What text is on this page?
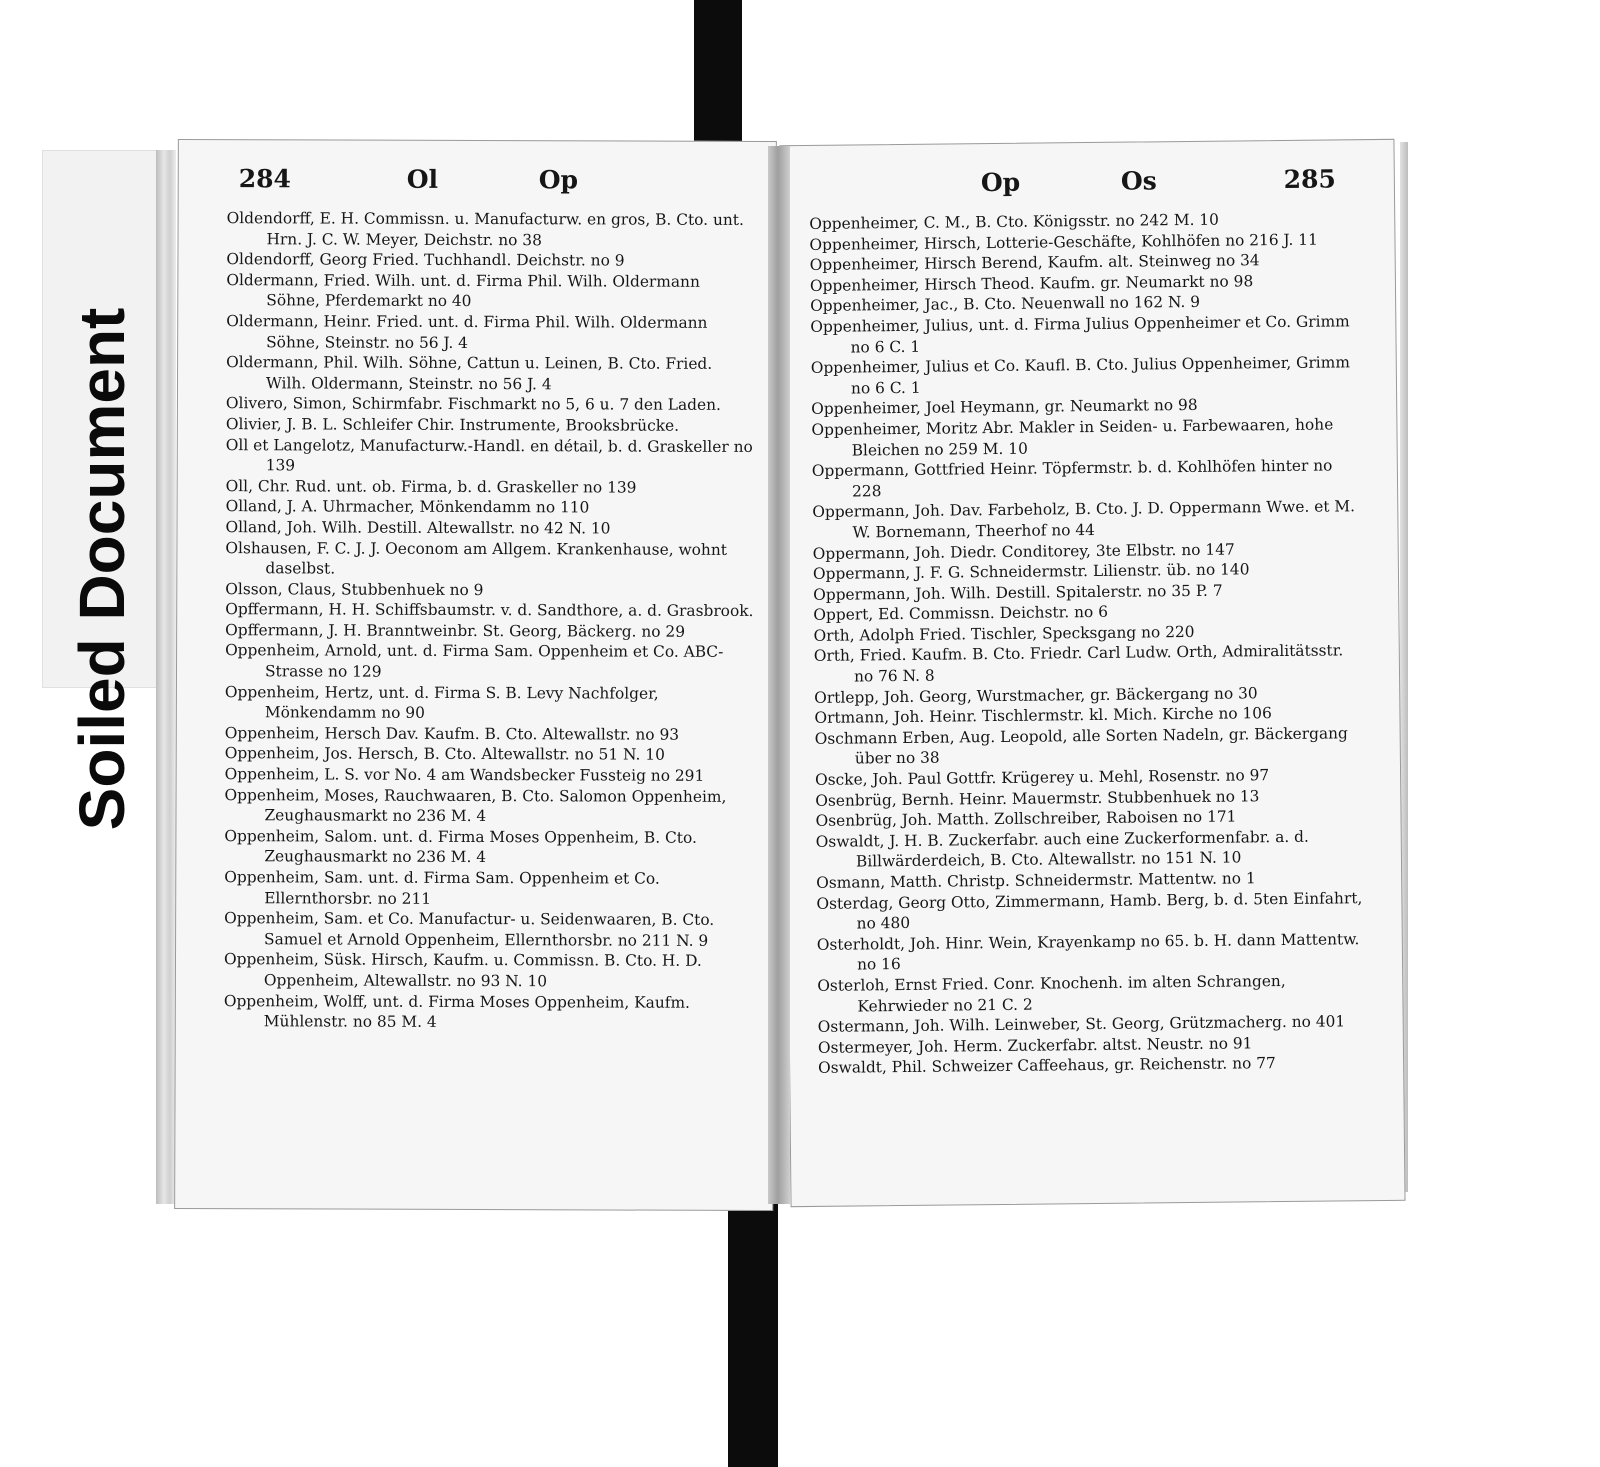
Soiled Document
284	Ol	Op
Oldendorff, E. H. Commissn. u. Manufacturw. en gros, B. Cto. unt. Hrn. J. C. W. Meyer, Deichstr. no 38
Oldendorff, Georg Fried. Tuchhandl. Deichstr. no 9
Oldermann, Fried. Wilh. unt. d. Firma Phil. Wilh. Oldermann Söhne, Pferdemarkt no 40
Oldermann, Heinr. Fried. unt. d. Firma Phil. Wilh. Oldermann Söhne, Steinstr. no 56 J. 4
Oldermann, Phil. Wilh. Söhne, Cattun u. Leinen, B. Cto. Fried. Wilh. Oldermann, Steinstr. no 56 J. 4
Olivero, Simon, Schirmfabr. Fischmarkt no 5, 6 u. 7 den Laden.
Olivier, J. B. L. Schleifer Chir. Instrumente, Brooksbrücke.
Oll et Langelotz, Manufacturw.-Handl. en détail, b. d. Graskeller no 139
Oll, Chr. Rud. unt. ob. Firma, b. d. Graskeller no 139
Olland, J. A. Uhrmacher, Mönkendamm no 110
Olland, Joh. Wilh. Destill. Altewallstr. no 42 N. 10
Olshausen, F. C. J. J. Oeconom am Allgem. Krankenhause, wohnt daselbst.
Olsson, Claus, Stubbenhuek no 9
Opffermann, H. H. Schiffsbaumstr. v. d. Sandthore, a. d. Grasbrook.
Opffermann, J. H. Branntweinbr. St. Georg, Bäckerg. no 29
Oppenheim, Arnold, unt. d. Firma Sam. Oppenheim et Co. ABC-Strasse no 129
Oppenheim, Hertz, unt. d. Firma S. B. Levy Nachfolger, Mönkendamm no 90
Oppenheim, Hersch Dav. Kaufm. B. Cto. Altewallstr. no 93
Oppenheim, Jos. Hersch, B. Cto. Altewallstr. no 51 N. 10
Oppenheim, L. S. vor No. 4 am Wandsbecker Fussteig no 291
Oppenheim, Moses, Rauchwaaren, B. Cto. Salomon Oppenheim, Zeughausmarkt no 236 M. 4
Oppenheim, Salom. unt. d. Firma Moses Oppenheim, B. Cto. Zeughausmarkt no 236 M. 4
Oppenheim, Sam. unt. d. Firma Sam. Oppenheim et Co. Ellernthorsbr. no 211
Oppenheim, Sam. et Co. Manufactur- u. Seidenwaaren, B. Cto. Samuel et Arnold Oppenheim, Ellernthorsbr. no 211 N. 9
Oppenheim, Süsk. Hirsch, Kaufm. u. Commissn. B. Cto. H. D. Oppenheim, Altewallstr. no 93 N. 10
Oppenheim, Wolff, unt. d. Firma Moses Oppenheim, Kaufm. Mühlenstr. no 85 M. 4
Op	Os	285
Oppenheimer, C. M., B. Cto. Königsstr. no 242 M. 10
Oppenheimer, Hirsch, Lotterie-Geschäfte, Kohlhöfen no 216 J. 11
Oppenheimer, Hirsch Berend, Kaufm. alt. Steinweg no 34
Oppenheimer, Hirsch Theod. Kaufm. gr. Neumarkt no 98
Oppenheimer, Jac., B. Cto. Neuenwall no 162 N. 9
Oppenheimer, Julius, unt. d. Firma Julius Oppenheimer et Co. Grimm no 6 C. 1
Oppenheimer, Julius et Co. Kaufl. B. Cto. Julius Oppenheimer, Grimm no 6 C. 1
Oppenheimer, Joel Heymann, gr. Neumarkt no 98
Oppenheimer, Moritz Abr. Makler in Seiden- u. Farbewaaren, hohe Bleichen no 259 M. 10
Oppermann, Gottfried Heinr. Töpfermstr. b. d. Kohlhöfen hinter no 228
Oppermann, Joh. Dav. Farbeholz, B. Cto. J. D. Oppermann Wwe. et M. W. Bornemann, Theerhof no 44
Oppermann, Joh. Diedr. Conditorey, 3te Elbstr. no 147
Oppermann, J. F. G. Schneidermstr. Lilienstr. üb. no 140
Oppermann, Joh. Wilh. Destill. Spitalerstr. no 35 P. 7
Oppert, Ed. Commissn. Deichstr. no 6
Orth, Adolph Fried. Tischler, Specksgang no 220
Orth, Fried. Kaufm. B. Cto. Friedr. Carl Ludw. Orth, Admiralitätsstr. no 76 N. 8
Ortlepp, Joh. Georg, Wurstmacher, gr. Bäckergang no 30
Ortmann, Joh. Heinr. Tischlermstr. kl. Mich. Kirche no 106
Oschmann Erben, Aug. Leopold, alle Sorten Nadeln, gr. Bäckergang über no 38
Oscke, Joh. Paul Gottfr. Krügerey u. Mehl, Rosenstr. no 97
Osenbrüg, Bernh. Heinr. Mauermstr. Stubbenhuek no 13
Osenbrüg, Joh. Matth. Zollschreiber, Raboisen no 171
Oswaldt, J. H. B. Zuckerfabr. auch eine Zuckerformenfabr. a. d. Billwärderdeich, B. Cto. Altewallstr. no 151 N. 10
Osmann, Matth. Christp. Schneidermstr. Mattentw. no 1
Osterdag, Georg Otto, Zimmermann, Hamb. Berg, b. d. 5ten Einfahrt, no 480
Osterholdt, Joh. Hinr. Wein, Krayenkamp no 65. b. H. dann Mattentw. no 16
Osterloh, Ernst Fried. Conr. Knochenh. im alten Schrangen, Kehrwieder no 21 C. 2
Ostermann, Joh. Wilh. Leinweber, St. Georg, Grützmacherg. no 401
Ostermeyer, Joh. Herm. Zuckerfabr. altst. Neustr. no 91
Oswaldt, Phil. Schweizer Caffeehaus, gr. Reichenstr. no 77
